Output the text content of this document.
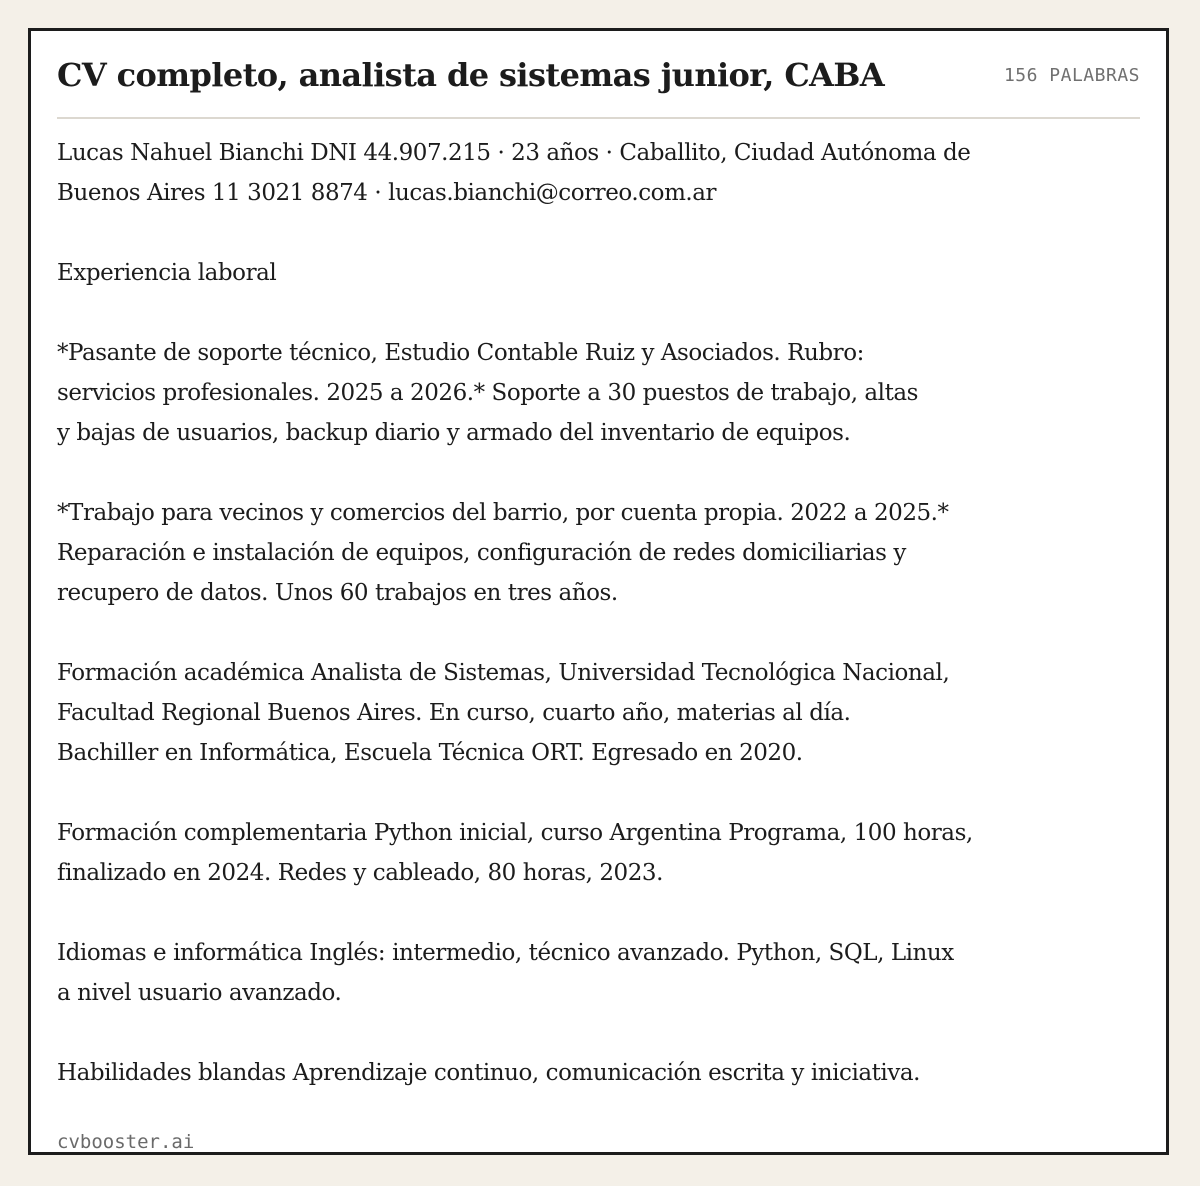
CV completo, analista de sistemas junior, CABA	156 PALABRAS

Lucas Nahuel Bianchi DNI 44.907.215 · 23 años · Caballito, Ciudad Autónoma de
Buenos Aires 11 3021 8874 · lucas.bianchi@correo.com.ar

Experiencia laboral

*Pasante de soporte técnico, Estudio Contable Ruiz y Asociados. Rubro:
servicios profesionales. 2025 a 2026.* Soporte a 30 puestos de trabajo, altas
y bajas de usuarios, backup diario y armado del inventario de equipos.

*Trabajo para vecinos y comercios del barrio, por cuenta propia. 2022 a 2025.*
Reparación e instalación de equipos, configuración de redes domiciliarias y
recupero de datos. Unos 60 trabajos en tres años.

Formación académica Analista de Sistemas, Universidad Tecnológica Nacional,
Facultad Regional Buenos Aires. En curso, cuarto año, materias al día.
Bachiller en Informática, Escuela Técnica ORT. Egresado en 2020.

Formación complementaria Python inicial, curso Argentina Programa, 100 horas,
finalizado en 2024. Redes y cableado, 80 horas, 2023.

Idiomas e informática Inglés: intermedio, técnico avanzado. Python, SQL, Linux
a nivel usuario avanzado.

Habilidades blandas Aprendizaje continuo, comunicación escrita y iniciativa.

cvbooster.ai
